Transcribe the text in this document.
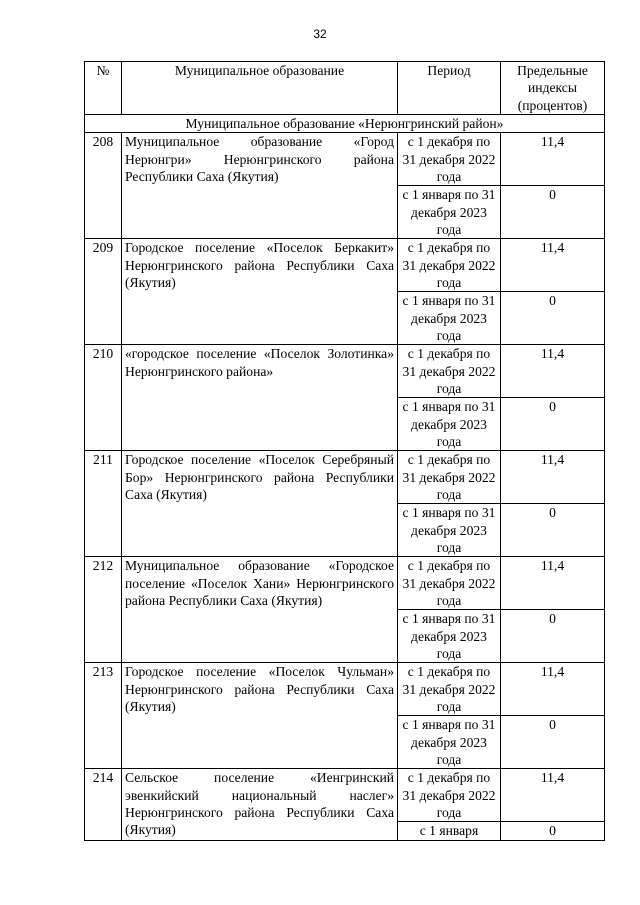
32
№	Муниципальное образование	Период	Предельные индексы (процентов)
Муниципальное образование «Нерюнгринский район»			
208	Муниципальное образование «Город Нерюнгри» Нерюнгринского района Республики Саха (Якутия)	с 1 декабря по 31 декабря 2022 года	11,4
		с 1 января по 31 декабря 2023 года	0
209	Городское поселение «Поселок Беркакит» Нерюнгринского района Республики Саха (Якутия)	с 1 декабря по 31 декабря 2022 года	11,4
		с 1 января по 31 декабря 2023 года	0
210	«городское поселение «Поселок Золотинка» Нерюнгринского района»	с 1 декабря по 31 декабря 2022 года	11,4
		с 1 января по 31 декабря 2023 года	0
211	Городское поселение «Поселок Серебряный Бор» Нерюнгринского района Республики Саха (Якутия)	с 1 декабря по 31 декабря 2022 года	11,4
		с 1 января по 31 декабря 2023 года	0
212	Муниципальное образование «Городское поселение «Поселок Хани» Нерюнгринского района Республики Саха (Якутия)	с 1 декабря по 31 декабря 2022 года	11,4
		с 1 января по 31 декабря 2023 года	0
213	Городское поселение «Поселок Чульман» Нерюнгринского района Республики Саха (Якутия)	с 1 декабря по 31 декабря 2022 года	11,4
		с 1 января по 31 декабря 2023 года	0
214	Сельское поселение «Иенгринский эвенкийский национальный наслег» Нерюнгринского района Республики Саха (Якутия)	с 1 декабря по 31 декабря 2022 года	11,4
		с 1 января	0
